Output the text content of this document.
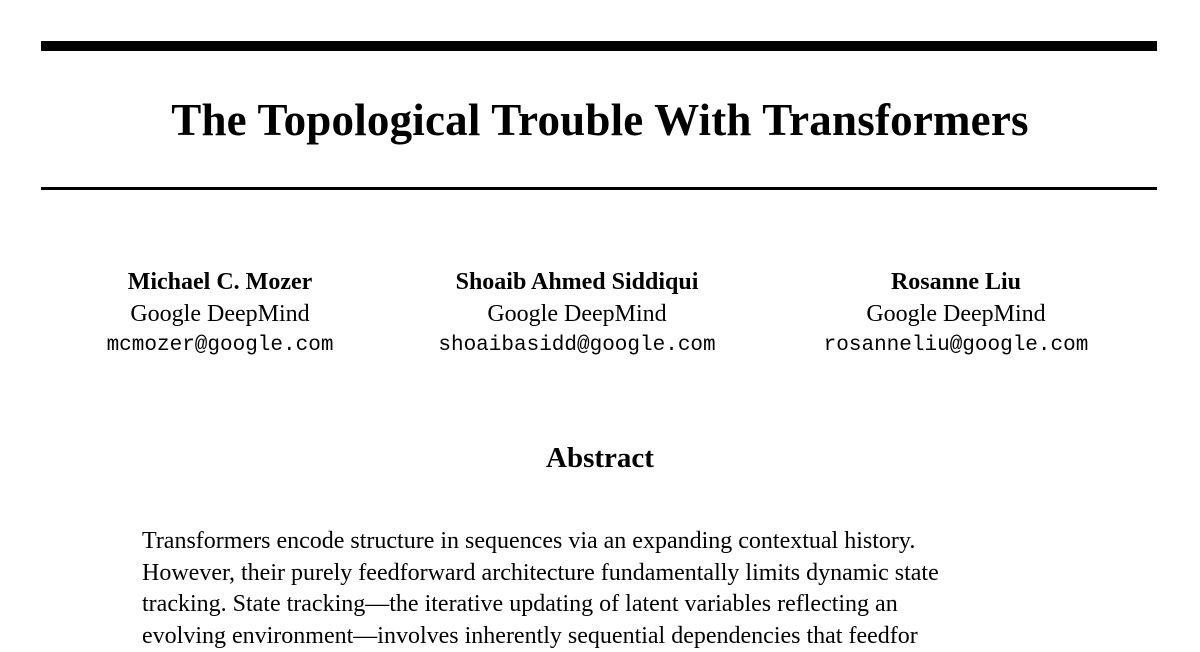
The Topological Trouble With Transformers
Michael C. Mozer
Google DeepMind
mcmozer@google.com
Shoaib Ahmed Siddiqui
Google DeepMind
shoaibasidd@google.com
Rosanne Liu
Google DeepMind
rosanneliu@google.com
Abstract
Transformers encode structure in sequences via an expanding contextual history.
However, their purely feedforward architecture fundamentally limits dynamic state
tracking. State tracking—the iterative updating of latent variables reflecting an
evolving environment—involves inherently sequential dependencies that feedfor
